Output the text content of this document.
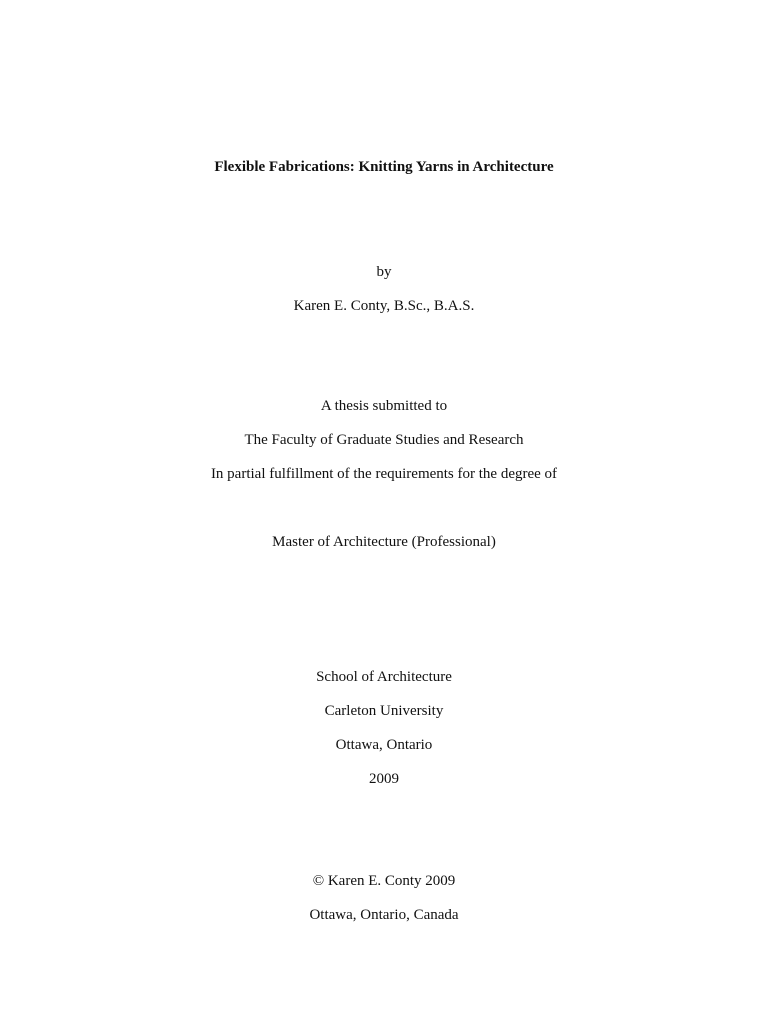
Flexible Fabrications: Knitting Yarns in Architecture
by
Karen E. Conty, B.Sc., B.A.S.
A thesis submitted to
The Faculty of Graduate Studies and Research
In partial fulfillment of the requirements for the degree of
Master of Architecture (Professional)
School of Architecture
Carleton University
Ottawa, Ontario
2009
© Karen E. Conty 2009
Ottawa, Ontario, Canada
